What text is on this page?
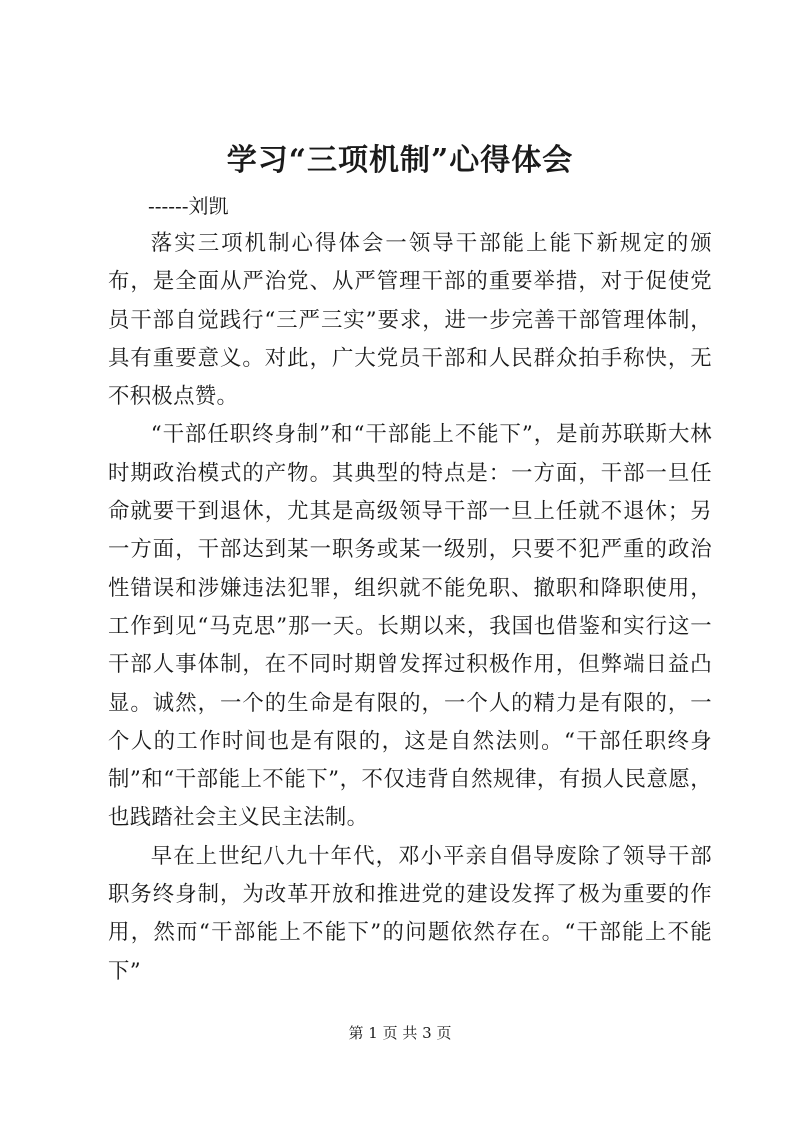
学习“三项机制”心得体会
------刘凯

落实三项机制心得体会一领导干部能上能下新规定的颁布，是全面从严治党、从严管理干部的重要举措，对于促使党员干部自觉践行“三严三实”要求，进一步完善干部管理体制，具有重要意义。对此，广大党员干部和人民群众拍手称快，无不积极点赞。

“干部任职终身制”和“干部能上不能下”，是前苏联斯大林时期政治模式的产物。其典型的特点是：一方面，干部一旦任命就要干到退休，尤其是高级领导干部一旦上任就不退休；另一方面，干部达到某一职务或某一级别，只要不犯严重的政治性错误和涉嫌违法犯罪，组织就不能免职、撤职和降职使用，工作到见“马克思”那一天。长期以来，我国也借鉴和实行这一干部人事体制，在不同时期曾发挥过积极作用，但弊端日益凸显。诚然，一个的生命是有限的，一个人的精力是有限的，一个人的工作时间也是有限的，这是自然法则。“干部任职终身制”和“干部能上不能下”，不仅违背自然规律，有损人民意愿，也践踏社会主义民主法制。

早在上世纪八九十年代，邓小平亲自倡导废除了领导干部职务终身制，为改革开放和推进党的建设发挥了极为重要的作用，然而“干部能上不能下”的问题依然存在。“干部能上不能下”

第 1 页 共 3 页
